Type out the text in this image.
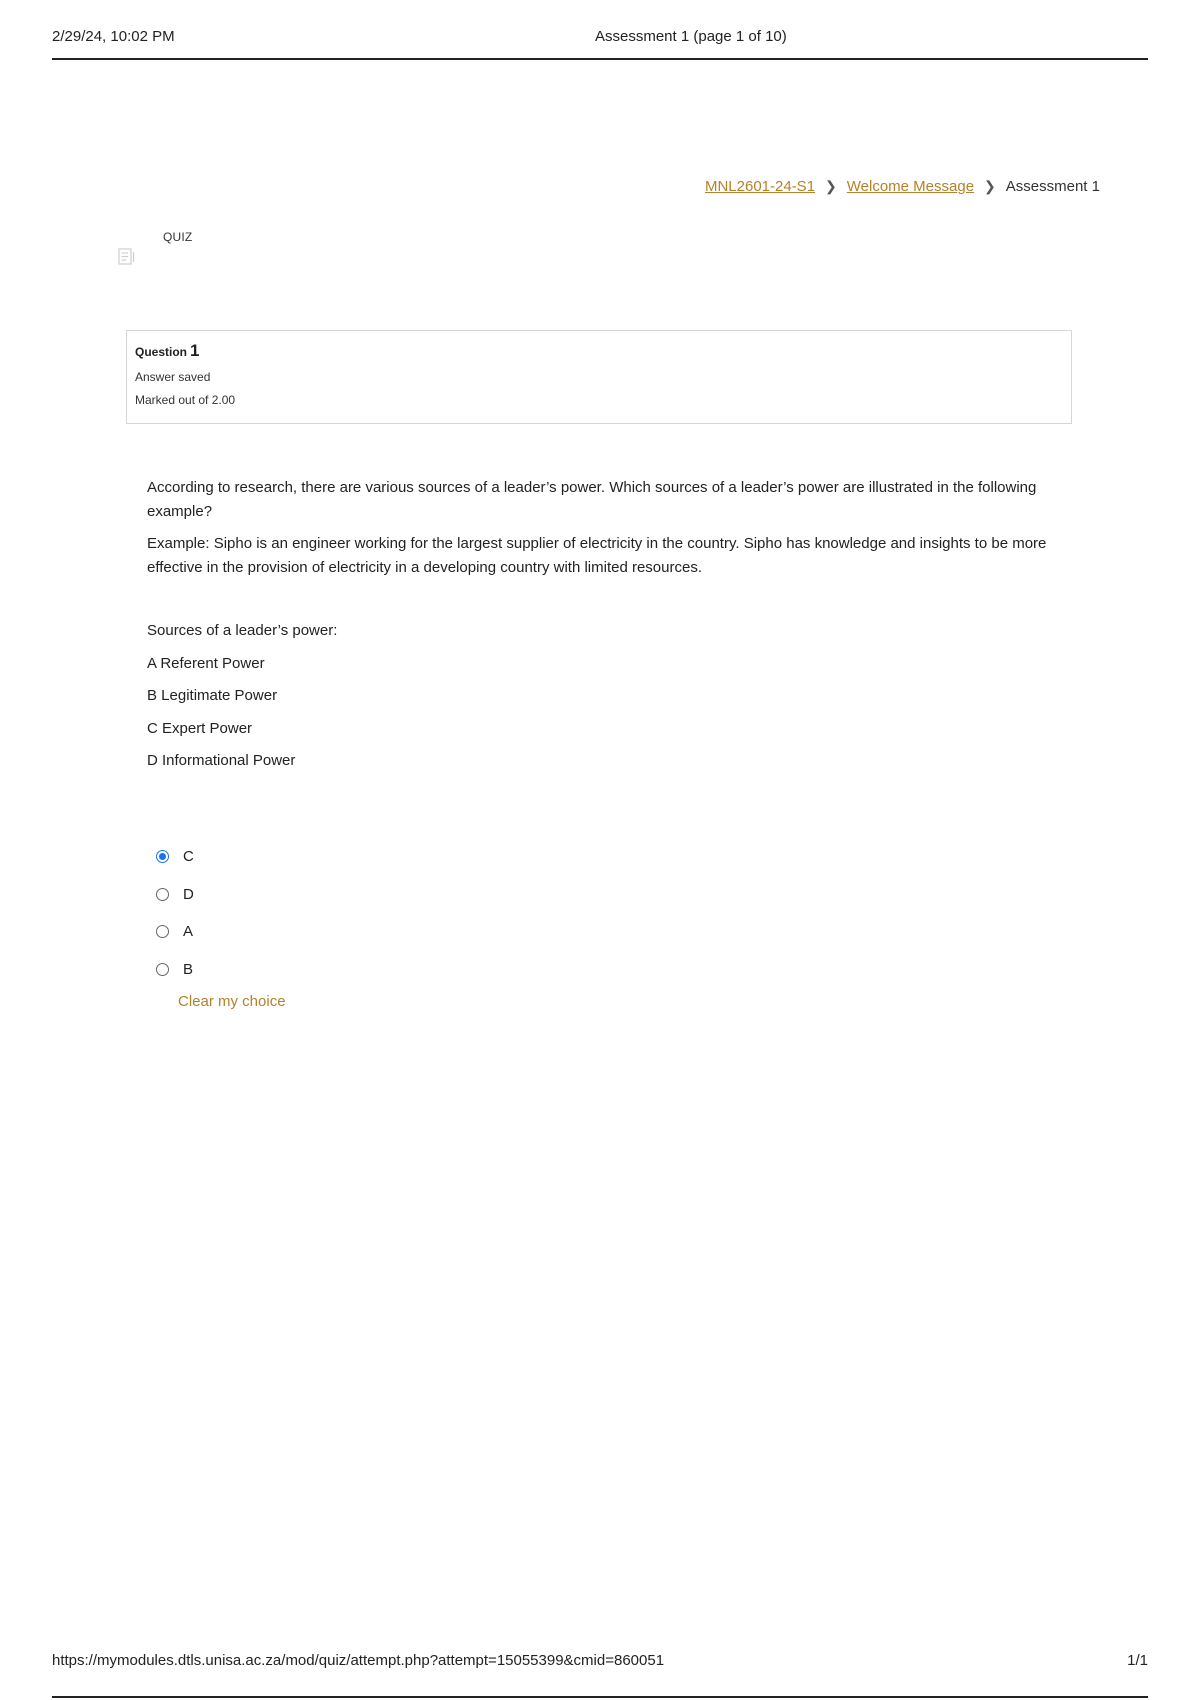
2/29/24, 10:02 PM	Assessment 1 (page 1 of 10)
MNL2601-24-S1 ❯ Welcome Message ❯ Assessment 1
QUIZ
Question 1
Answer saved
Marked out of 2.00

According to research, there are various sources of a leader’s power. Which sources of a leader’s power are illustrated in the following example?

Example: Sipho is an engineer working for the largest supplier of electricity in the country. Sipho has knowledge and insights to be more effective in the provision of electricity in a developing country with limited resources.

Sources of a leader’s power:
A Referent Power
B Legitimate Power
C Expert Power
D Informational Power
C
D
A
B
Clear my choice
https://mymodules.dtls.unisa.ac.za/mod/quiz/attempt.php?attempt=15055399&cmid=860051	1/1
